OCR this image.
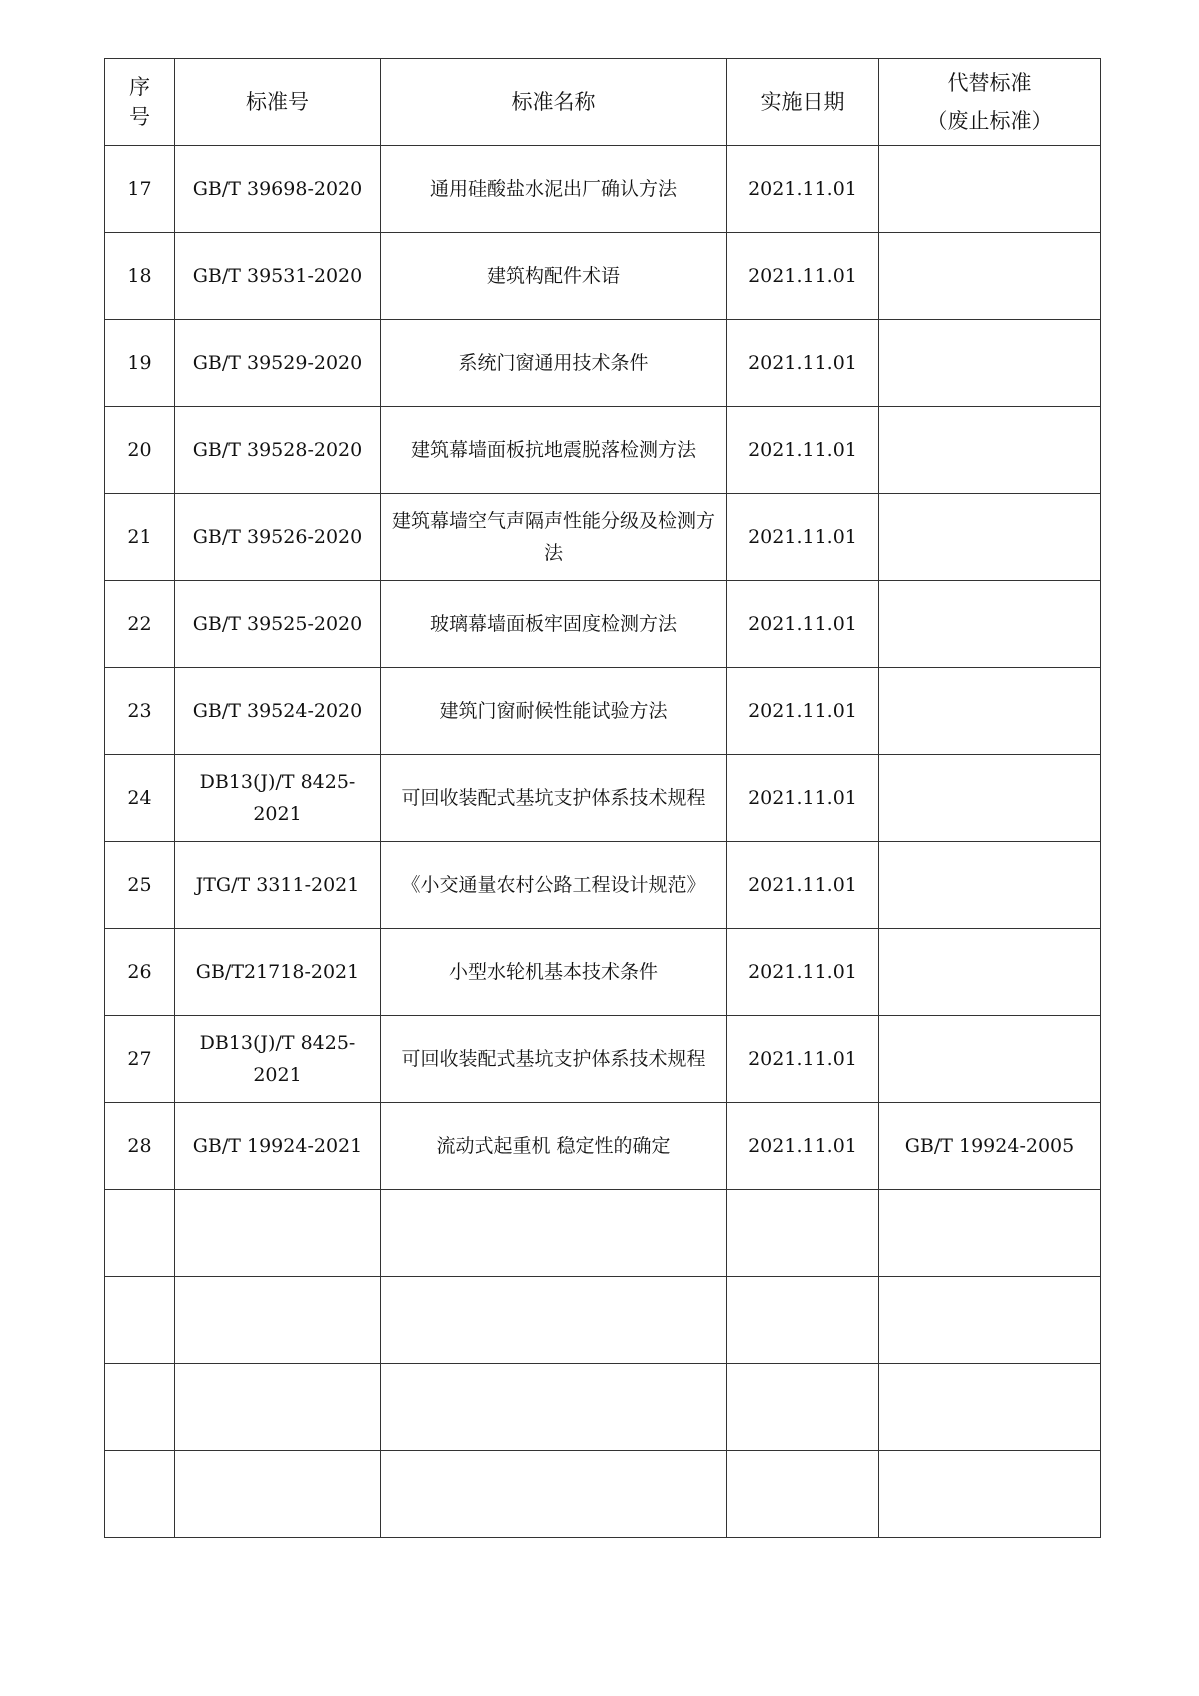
序
号	标准号	标准名称	实施日期	代替标准
（废止标准）

17	GB/T 39698-2020	通用硅酸盐水泥出厂确认方法	2021.11.01	
18	GB/T 39531-2020	建筑构配件术语	2021.11.01	
19	GB/T 39529-2020	系统门窗通用技术条件	2021.11.01	
20	GB/T 39528-2020	建筑幕墙面板抗地震脱落检测方法	2021.11.01	
21	GB/T 39526-2020	建筑幕墙空气声隔声性能分级及检测方法	2021.11.01	
22	GB/T 39525-2020	玻璃幕墙面板牢固度检测方法	2021.11.01	
23	GB/T 39524-2020	建筑门窗耐候性能试验方法	2021.11.01	
24	DB13(J)/T 8425-2021	可回收装配式基坑支护体系技术规程	2021.11.01	
25	JTG/T 3311-2021	《小交通量农村公路工程设计规范》	2021.11.01	
26	GB/T21718-2021	小型水轮机基本技术条件	2021.11.01	
27	DB13(J)/T 8425-2021	可回收装配式基坑支护体系技术规程	2021.11.01	
28	GB/T 19924-2021	流动式起重机 稳定性的确定	2021.11.01	GB/T 19924-2005
